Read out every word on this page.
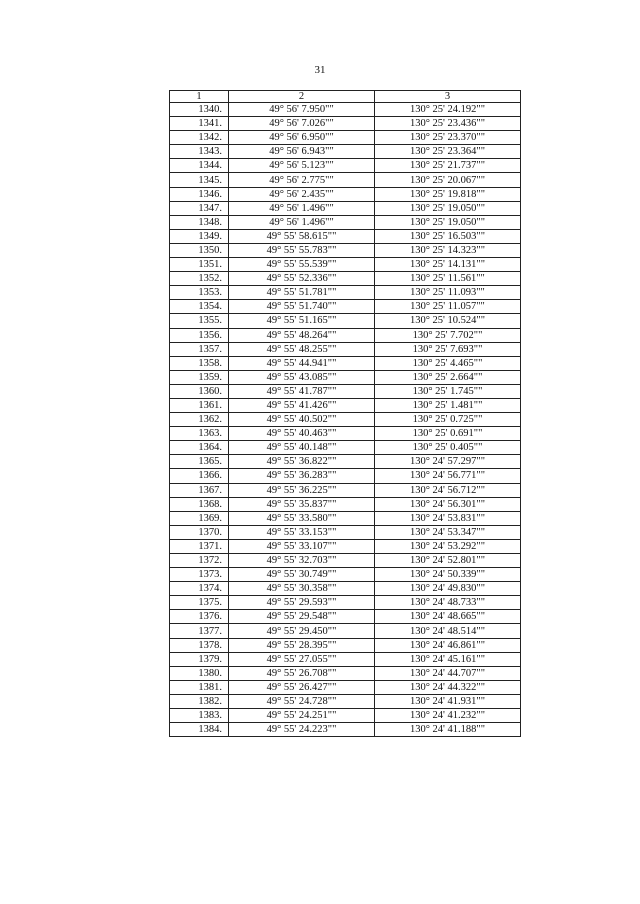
31
1	2	3
1340.	49° 56' 7.950""	130° 25' 24.192""
1341.	49° 56' 7.026""	130° 25' 23.436""
1342.	49° 56' 6.950""	130° 25' 23.370""
1343.	49° 56' 6.943""	130° 25' 23.364""
1344.	49° 56' 5.123""	130° 25' 21.737""
1345.	49° 56' 2.775""	130° 25' 20.067""
1346.	49° 56' 2.435""	130° 25' 19.818""
1347.	49° 56' 1.496""	130° 25' 19.050""
1348.	49° 56' 1.496""	130° 25' 19.050""
1349.	49° 55' 58.615""	130° 25' 16.503""
1350.	49° 55' 55.783""	130° 25' 14.323""
1351.	49° 55' 55.539""	130° 25' 14.131""
1352.	49° 55' 52.336""	130° 25' 11.561""
1353.	49° 55' 51.781""	130° 25' 11.093""
1354.	49° 55' 51.740""	130° 25' 11.057""
1355.	49° 55' 51.165""	130° 25' 10.524""
1356.	49° 55' 48.264""	130° 25' 7.702""
1357.	49° 55' 48.255""	130° 25' 7.693""
1358.	49° 55' 44.941""	130° 25' 4.465""
1359.	49° 55' 43.085""	130° 25' 2.664""
1360.	49° 55' 41.787""	130° 25' 1.745""
1361.	49° 55' 41.426""	130° 25' 1.481""
1362.	49° 55' 40.502""	130° 25' 0.725""
1363.	49° 55' 40.463""	130° 25' 0.691""
1364.	49° 55' 40.148""	130° 25' 0.405""
1365.	49° 55' 36.822""	130° 24' 57.297""
1366.	49° 55' 36.283""	130° 24' 56.771""
1367.	49° 55' 36.225""	130° 24' 56.712""
1368.	49° 55' 35.837""	130° 24' 56.301""
1369.	49° 55' 33.580""	130° 24' 53.831""
1370.	49° 55' 33.153""	130° 24' 53.347""
1371.	49° 55' 33.107""	130° 24' 53.292""
1372.	49° 55' 32.703""	130° 24' 52.801""
1373.	49° 55' 30.749""	130° 24' 50.339""
1374.	49° 55' 30.358""	130° 24' 49.830""
1375.	49° 55' 29.593""	130° 24' 48.733""
1376.	49° 55' 29.548""	130° 24' 48.665""
1377.	49° 55' 29.450""	130° 24' 48.514""
1378.	49° 55' 28.395""	130° 24' 46.861""
1379.	49° 55' 27.055""	130° 24' 45.161""
1380.	49° 55' 26.708""	130° 24' 44.707""
1381.	49° 55' 26.427""	130° 24' 44.322""
1382.	49° 55' 24.728""	130° 24' 41.931""
1383.	49° 55' 24.251""	130° 24' 41.232""
1384.	49° 55' 24.223""	130° 24' 41.188""
